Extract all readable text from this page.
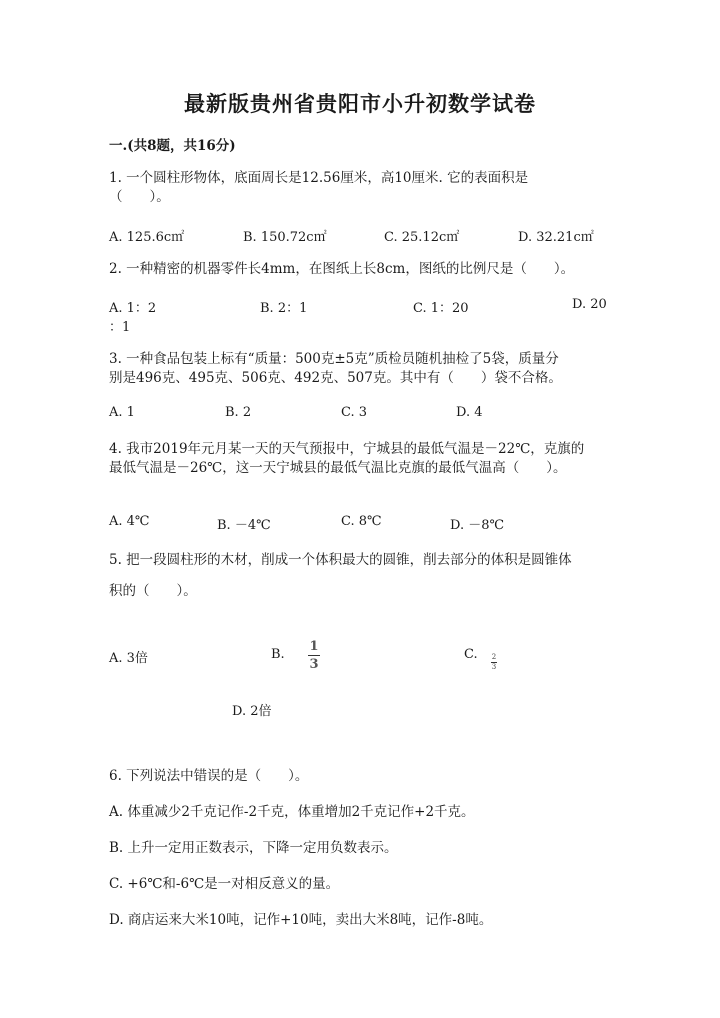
最新版贵州省贵阳市小升初数学试卷
一.(共8题，共16分)
1. 一个圆柱形物体，底面周长是12.56厘米，高10厘米. 它的表面积是
（　　）。
A. 125.6c㎡	B. 150.72c㎡	C. 25.12c㎡	D. 32.21c㎡
2. 一种精密的机器零件长4mm，在图纸上长8cm，图纸的比例尺是（　　）。
A. 1：2	B. 2：1	C. 1：20	D. 20
：1
3. 一种食品包装上标有“质量：500克±5克”质检员随机抽检了5袋，质量分
别是496克、495克、506克、492克、507克。其中有（　　）袋不合格。
A. 1	B. 2	C. 3	D. 4
4. 我市2019年元月某一天的天气预报中，宁城县的最低气温是－22℃，克旗的
最低气温是－26℃，这一天宁城县的最低气温比克旗的最低气温高（　　）。
A. 4℃	B. －4℃	C. 8℃	D. －8℃
5. 把一段圆柱形的木材，削成一个体积最大的圆锥，削去部分的体积是圆锥体
积的（　　）。
A. 3倍	B.
1
3
C. 2
3
D. 2倍
6. 下列说法中错误的是（　　）。
A. 体重减少2千克记作-2千克，体重增加2千克记作+2千克。
B. 上升一定用正数表示，下降一定用负数表示。
C. +6℃和-6℃是一对相反意义的量。
D. 商店运来大米10吨，记作+10吨，卖出大米8吨，记作-8吨。
